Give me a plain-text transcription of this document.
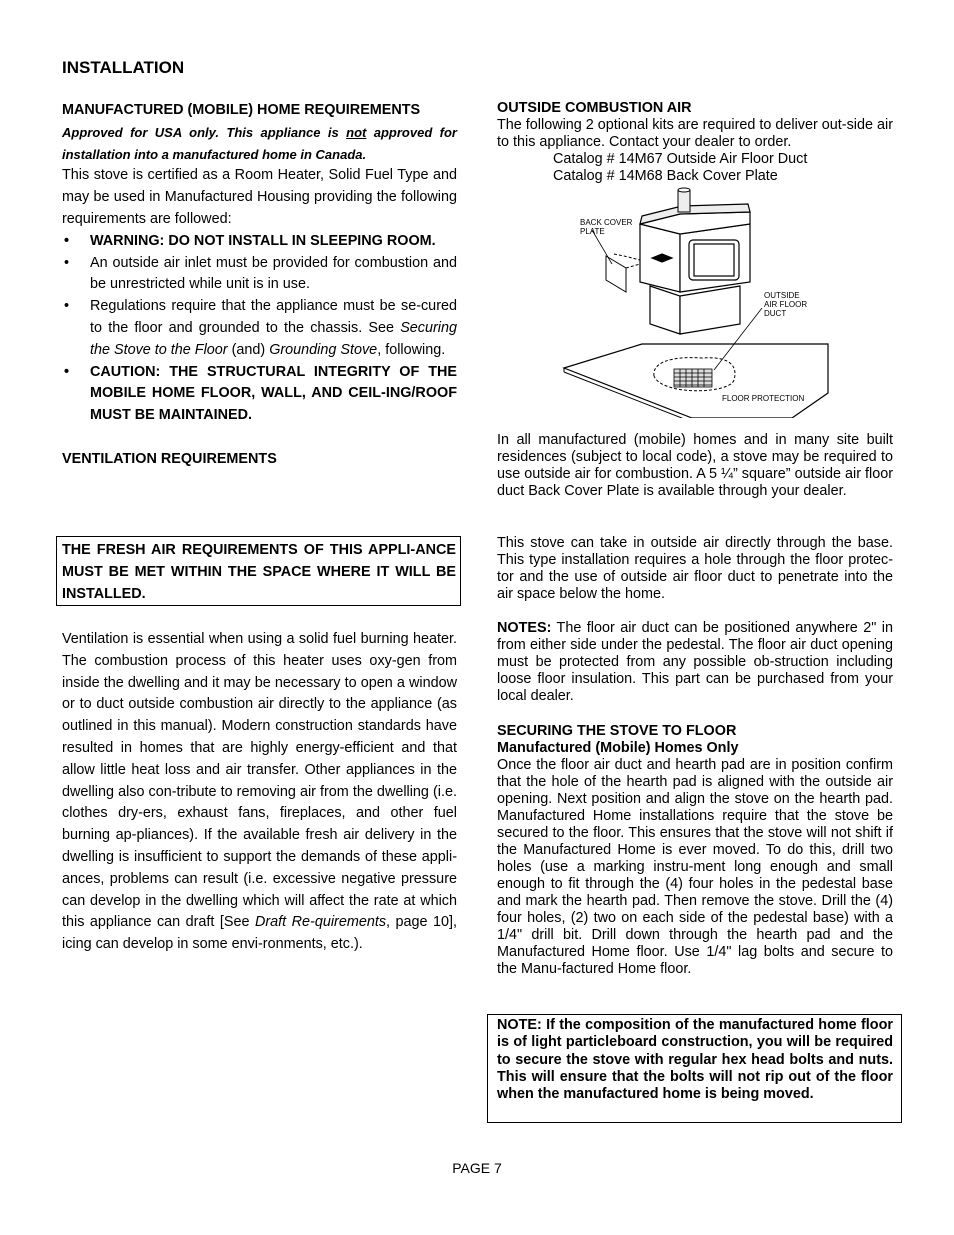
INSTALLATION

MANUFACTURED (MOBILE) HOME REQUIREMENTS

Approved for USA only. This appliance is not approved for installation into a manufactured home in Canada.

This stove is certified as a Room Heater, Solid Fuel Type and may be used in Manufactured Housing providing the following requirements are followed:

• WARNING: DO NOT INSTALL IN SLEEPING ROOM.
• An outside air inlet must be provided for combustion and be unrestricted while unit is in use.
• Regulations require that the appliance must be se-cured to the floor and grounded to the chassis. See Securing the Stove to the Floor (and) Grounding Stove, following.
• CAUTION: THE STRUCTURAL INTEGRITY OF THE MOBILE HOME FLOOR, WALL, AND CEIL-ING/ROOF MUST BE MAINTAINED.

VENTILATION REQUIREMENTS

THE FRESH AIR REQUIREMENTS OF THIS APPLI-ANCE MUST BE MET WITHIN THE SPACE WHERE IT WILL BE INSTALLED.

Ventilation is essential when using a solid fuel burning heater. The combustion process of this heater uses oxy-gen from inside the dwelling and it may be necessary to open a window or to duct outside combustion air directly to the appliance (as outlined in this manual). Modern construction standards have resulted in homes that are highly energy-efficient and that allow little heat loss and air transfer. Other appliances in the dwelling also con-tribute to removing air from the dwelling (i.e. clothes dry-ers, exhaust fans, fireplaces, and other fuel burning ap-pliances). If the available fresh air delivery in the dwelling is insufficient to support the demands of these appli-ances, problems can result (i.e. excessive negative pressure can develop in the dwelling which will affect the rate at which this appliance can draft [See Draft Re-quirements, page 10], icing can develop in some envi-ronments, etc.).

OUTSIDE COMBUSTION AIR

The following 2 optional kits are required to deliver out-side air to this appliance. Contact your dealer to order.

Catalog # 14M67 Outside Air Floor Duct

Catalog # 14M68 Back Cover Plate

BACK COVER
PLATE
OUTSIDE
AIR FLOOR
DUCT
FLOOR PROTECTION
In all manufactured (mobile) homes and in many site built residences (subject to local code), a stove may be required to use outside air for combustion. A 5 ¼” square” outside air floor duct Back Cover Plate is available through your dealer.
This stove can take in outside air directly through the base. This type installation requires a hole through the floor protec-tor and the use of outside air floor duct to penetrate into the air space below the home.
NOTES: The floor air duct can be positioned anywhere 2" in from either side under the pedestal. The floor air duct opening must be protected from any possible ob-struction including loose floor insulation. This part can be purchased from your local dealer.
SECURING THE STOVE TO FLOOR
Manufactured (Mobile) Homes Only
Once the floor air duct and hearth pad are in position confirm that the hole of the hearth pad is aligned with the outside air opening. Next position and align the stove on the hearth pad. Manufactured Home installations require that the stove be secured to the floor. This ensures that the stove will not shift if the Manufactured Home is ever moved. To do this, drill two holes (use a marking instru-ment long enough and small enough to fit through the (4) four holes in the pedestal base and mark the hearth pad. Then remove the stove. Drill the (4) four holes, (2) two on each side of the pedestal base) with a 1/4" drill bit. Drill down through the hearth pad and the Manufactured Home floor. Use 1/4" lag bolts and secure to the Manu-factured Home floor.

NOTE: If the composition of the manufactured home floor is of light particleboard construction, you will be required to secure the stove with regular hex head bolts and nuts. This will ensure that the bolts will not rip out of the floor when the manufactured home is being moved.

PAGE 7
